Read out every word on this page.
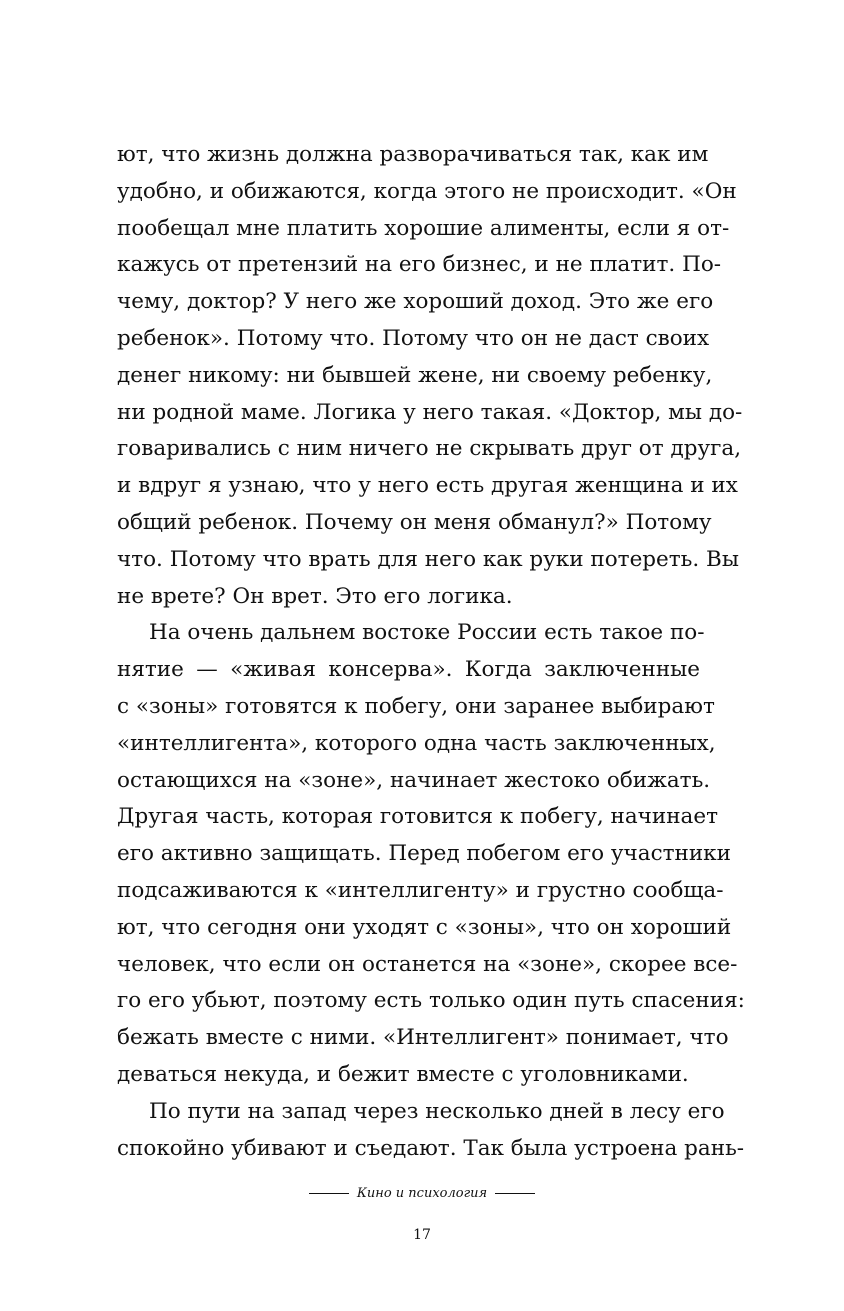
ют, что жизнь должна разворачиваться так, как им
удобно, и обижаются, когда этого не происходит. «Он
пообещал мне платить хорошие алименты, если я от-
кажусь от претензий на его бизнес, и не платит. По-
чему, доктор? У него же хороший доход. Это же его
ребенок». Потому что. Потому что он не даст своих
денег никому: ни бывшей жене, ни своему ребенку,
ни родной маме. Логика у него такая. «Доктор, мы до-
говаривались с ним ничего не скрывать друг от друга,
и вдруг я узнаю, что у него есть другая женщина и их
общий ребенок. Почему он меня обманул?» Потому
что. Потому что врать для него как руки потереть. Вы
не врете? Он врет. Это его логика.
На очень дальнем востоке России есть такое по-
нятие — «живая консерва». Когда заключенные
с «зоны» готовятся к побегу, они заранее выбирают
«интеллигента», которого одна часть заключенных,
остающихся на «зоне», начинает жестоко обижать.
Другая часть, которая готовится к побегу, начинает
его активно защищать. Перед побегом его участники
подсаживаются к «интеллигенту» и грустно сообща-
ют, что сегодня они уходят с «зоны», что он хороший
человек, что если он останется на «зоне», скорее все-
го его убьют, поэтому есть только один путь спасения:
бежать вместе с ними. «Интеллигент» понимает, что
деваться некуда, и бежит вместе с уголовниками.
По пути на запад через несколько дней в лесу его
спокойно убивают и съедают. Так была устроена рань-
Кино и психология
17
